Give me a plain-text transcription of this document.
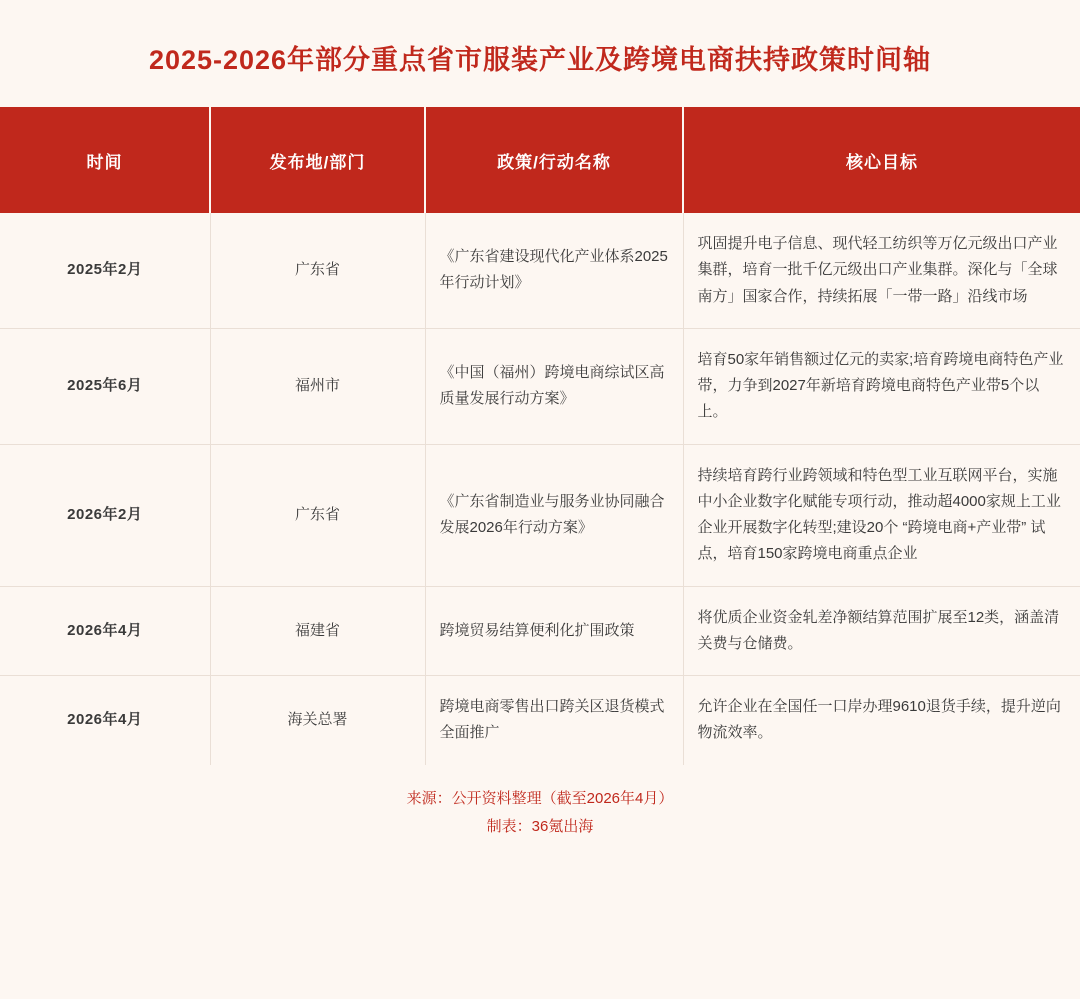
2025-2026年部分重点省市服装产业及跨境电商扶持政策时间轴
时间	发布地/部门	政策/行动名称	核心目标
2025年2月	广东省	《广东省建设现代化产业体系2025年行动计划》	巩固提升电子信息、现代轻工纺织等万亿元级出口产业集群，培育一批千亿元级出口产业集群。深化与「全球南方」国家合作，持续拓展「一带一路」沿线市场
2025年6月	福州市	《中国（福州）跨境电商综试区高质量发展行动方案》	培育50家年销售额过亿元的卖家;培育跨境电商特色产业带，力争到2027年新培育跨境电商特色产业带5个以上。
2026年2月	广东省	《广东省制造业与服务业协同融合发展2026年行动方案》	持续培育跨行业跨领域和特色型工业互联网平台，实施中小企业数字化赋能专项行动，推动超4000家规上工业企业开展数字化转型;建设20个 “跨境电商+产业带” 试点，培育150家跨境电商重点企业
2026年4月	福建省	跨境贸易结算便利化扩围政策	将优质企业资金轧差净额结算范围扩展至12类，涵盖清关费与仓储费。
2026年4月	海关总署	跨境电商零售出口跨关区退货模式全面推广	允许企业在全国任一口岸办理9610退货手续，提升逆向物流效率。
来源：公开资料整理（截至2026年4月）
制表：36氪出海
